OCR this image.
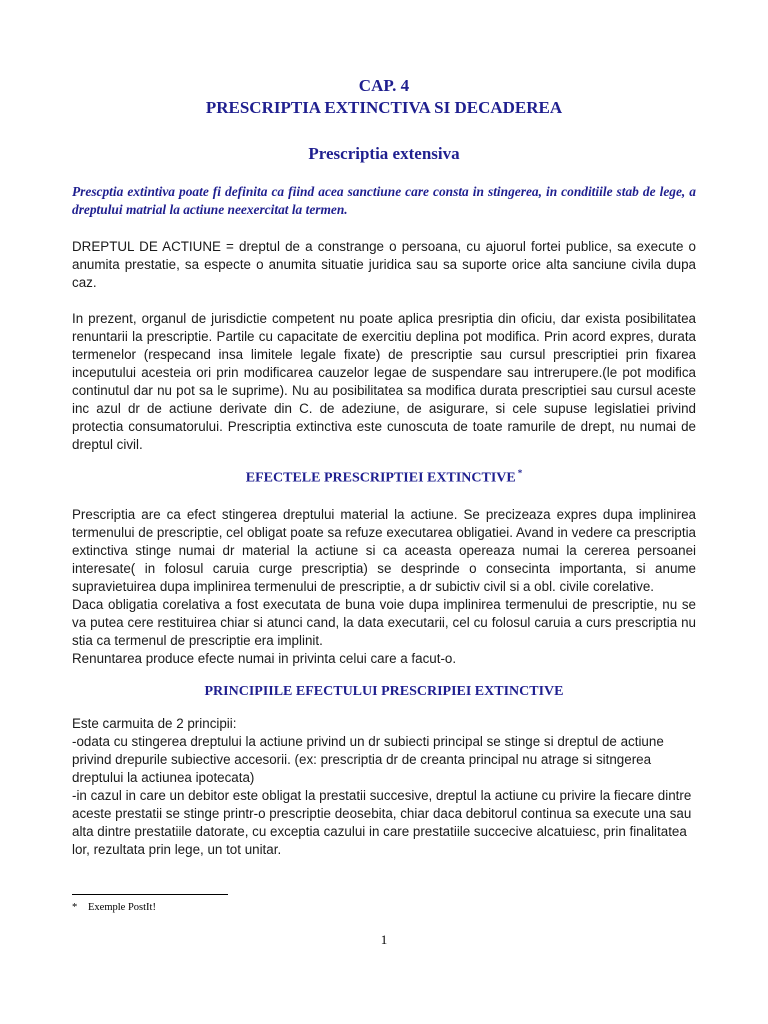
CAP. 4
PRESCRIPTIA EXTINCTIVA SI DECADEREA
Prescriptia extensiva

Prescptia extintiva poate fi definita ca fiind acea sanctiune care consta in stingerea, in conditiile stab de lege, a dreptului matrial la actiune neexercitat la termen.

DREPTUL DE ACTIUNE = dreptul de a constrange o persoana, cu ajuorul fortei publice, sa execute o anumita prestatie, sa especte o anumita situatie juridica sau sa suporte orice alta sanciune civila dupa caz.

In prezent, organul de jurisdictie competent nu poate aplica presriptia din oficiu, dar exista posibilitatea renuntarii la prescriptie. Partile cu capacitate de exercitiu deplina pot modifica. Prin acord expres, durata termenelor (respecand insa limitele legale fixate) de prescriptie sau cursul prescriptiei prin fixarea inceputului acesteia ori prin modificarea cauzelor legae de suspendare sau intrerupere.(le pot modifica continutul dar nu pot sa le suprime). Nu au posibilitatea sa modifica durata prescriptiei sau cursul aceste inc azul dr de actiune derivate din C. de adeziune, de asigurare, si cele supuse legislatiei privind protectia consumatorului. Prescriptia extinctiva este cunoscuta de toate ramurile de drept, nu numai de dreptul civil.

EFECTELE PRESCRIPTIEI EXTINCTIVE *

Prescriptia are ca efect stingerea dreptului material la actiune. Se precizeaza expres dupa implinirea termenului de prescriptie, cel obligat poate sa refuze executarea obligatiei. Avand in vedere ca prescriptia extinctiva stinge numai dr material la actiune si ca aceasta opereaza numai la cererea persoanei interesate( in folosul caruia curge prescriptia) se desprinde o consecinta importanta, si anume supravietuirea dupa implinirea termenului de prescriptie, a dr subictiv civil si a obl. civile corelative.

Daca obligatia corelativa a fost executata de buna voie dupa implinirea termenului de prescriptie, nu se va putea cere restituirea chiar si atunci cand, la data executarii, cel cu folosul caruia a curs prescriptia nu stia ca termenul de prescriptie era implinit.

Renuntarea produce efecte numai in privinta celui care a facut-o.

PRINCIPIILE EFECTULUI PRESCRIPIEI EXTINCTIVE

Este carmuita de 2 principii:

-odata cu stingerea dreptului la actiune privind un dr subiecti principal se stinge si dreptul de actiune privind drepurile subiective accesorii. (ex: prescriptia dr de creanta principal nu atrage si sitngerea dreptului la actiunea ipotecata)

-in cazul in care un debitor este obligat la prestatii succesive, dreptul la actiune cu privire la fiecare dintre aceste prestatii se stinge printr-o prescriptie deosebita, chiar daca debitorul continua sa execute una sau alta dintre prestatiile datorate, cu exceptia cazului in care prestatiile succecive alcatuiesc, prin finalitatea lor, rezultata prin lege, un tot unitar.

* Exemple PostIt!
1
